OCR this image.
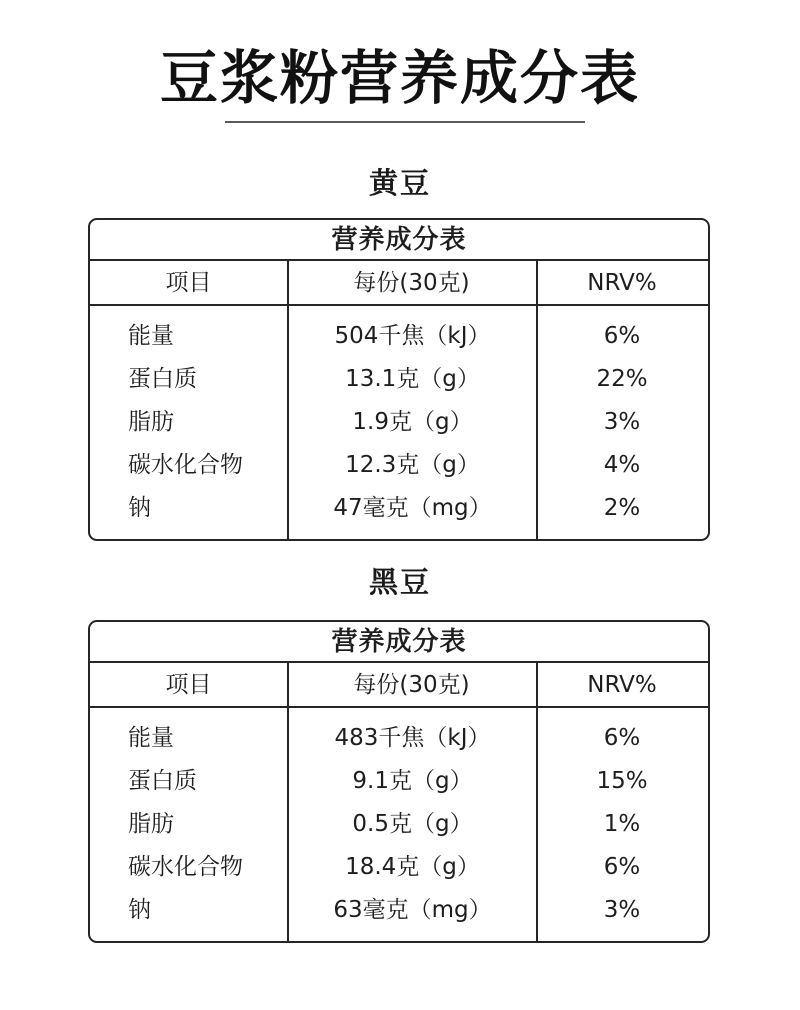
豆浆粉营养成分表
黄豆
营养成分表
项目	每份(30克)	NRV%
能量	504千焦（kJ）	6%
蛋白质	13.1克（g）	22%
脂肪	1.9克（g）	3%
碳水化合物	12.3克（g）	4%
钠	47毫克（mg）	2%
黑豆
营养成分表
项目	每份(30克)	NRV%
能量	483千焦（kJ）	6%
蛋白质	9.1克（g）	15%
脂肪	0.5克（g）	1%
碳水化合物	18.4克（g）	6%
钠	63毫克（mg）	3%
